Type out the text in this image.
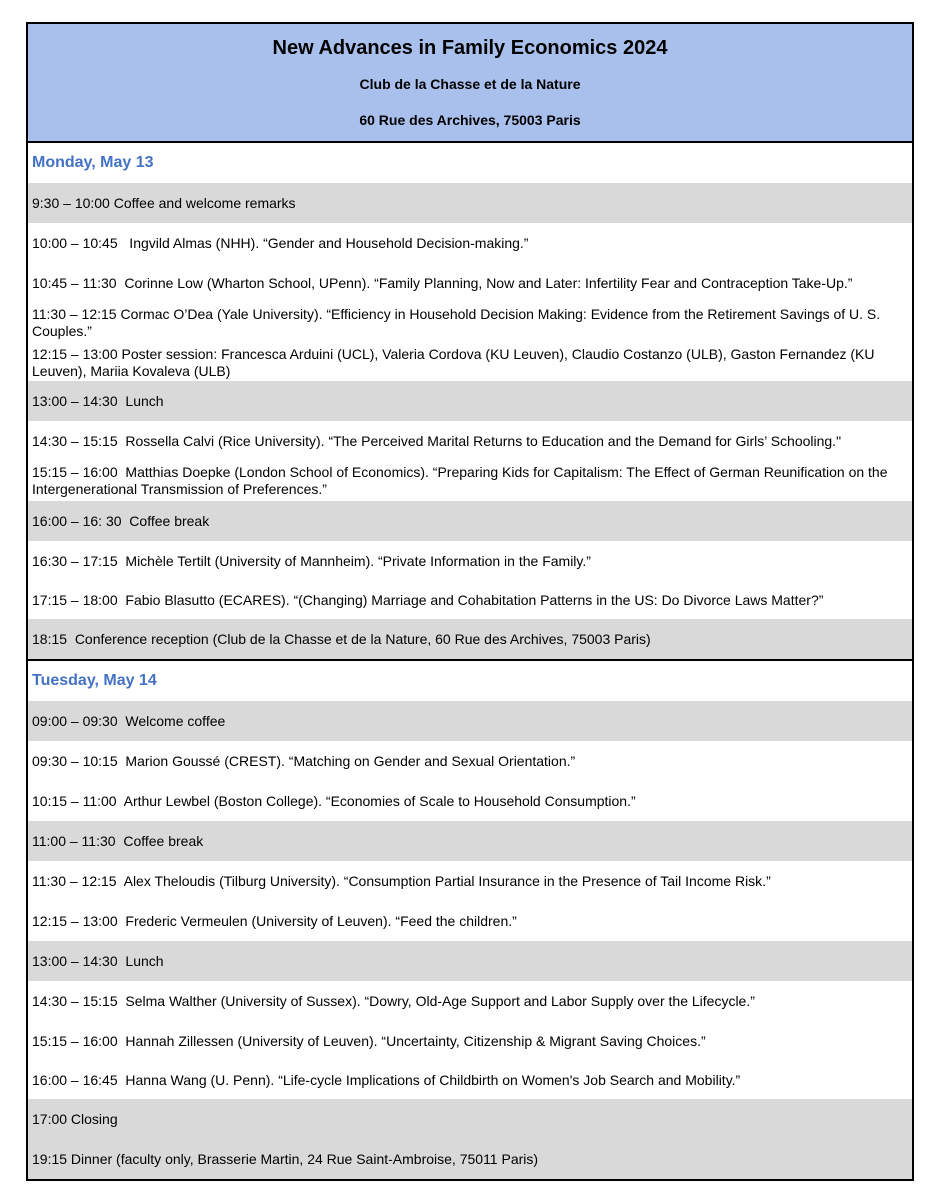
New Advances in Family Economics 2024
Club de la Chasse et de la Nature
60 Rue des Archives, 75003 Paris
Monday, May 13
9:30 – 10:00 Coffee and welcome remarks
10:00 – 10:45   Ingvild Almas (NHH). “Gender and Household Decision-making.”
10:45 – 11:30  Corinne Low (Wharton School, UPenn). “Family Planning, Now and Later: Infertility Fear and Contraception Take-Up.”
11:30 – 12:15 Cormac O’Dea (Yale University). “Efficiency in Household Decision Making: Evidence from the Retirement Savings of U. S. Couples.”
12:15 – 13:00 Poster session: Francesca Arduini (UCL), Valeria Cordova (KU Leuven), Claudio Costanzo (ULB), Gaston Fernandez (KU Leuven), Mariia Kovaleva (ULB)
13:00 – 14:30  Lunch
14:30 – 15:15  Rossella Calvi (Rice University). “The Perceived Marital Returns to Education and the Demand for Girls’ Schooling."
15:15 – 16:00  Matthias Doepke (London School of Economics). “Preparing Kids for Capitalism: The Effect of German Reunification on the Intergenerational Transmission of Preferences.”
16:00 – 16: 30  Coffee break
16:30 – 17:15  Michèle Tertilt (University of Mannheim). “Private Information in the Family.”
17:15 – 18:00  Fabio Blasutto (ECARES). “(Changing) Marriage and Cohabitation Patterns in the US: Do Divorce Laws Matter?”
18:15  Conference reception (Club de la Chasse et de la Nature, 60 Rue des Archives, 75003 Paris)
Tuesday, May 14
09:00 – 09:30  Welcome coffee
09:30 – 10:15  Marion Goussé (CREST). “Matching on Gender and Sexual Orientation.”
10:15 – 11:00  Arthur Lewbel (Boston College). “Economies of Scale to Household Consumption.”
11:00 – 11:30  Coffee break
11:30 – 12:15  Alex Theloudis (Tilburg University). “Consumption Partial Insurance in the Presence of Tail Income Risk.”
12:15 – 13:00  Frederic Vermeulen (University of Leuven). “Feed the children.”
13:00 – 14:30  Lunch
14:30 – 15:15  Selma Walther (University of Sussex). “Dowry, Old-Age Support and Labor Supply over the Lifecycle.”
15:15 – 16:00  Hannah Zillessen (University of Leuven). “Uncertainty, Citizenship & Migrant Saving Choices.”
16:00 – 16:45  Hanna Wang (U. Penn). “Life-cycle Implications of Childbirth on Women's Job Search and Mobility.”
17:00 Closing
19:15 Dinner (faculty only, Brasserie Martin, 24 Rue Saint-Ambroise, 75011 Paris)
